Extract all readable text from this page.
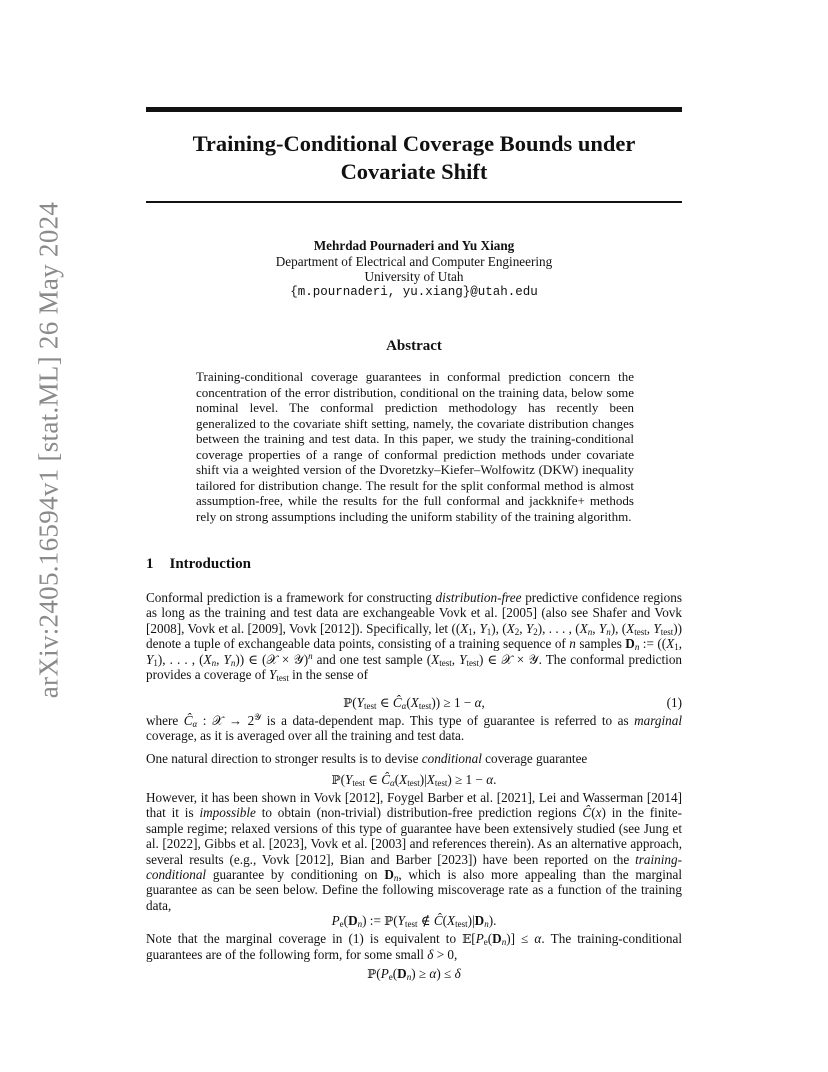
Training-Conditional Coverage Bounds under Covariate Shift
arXiv:2405.16594v1 [stat.ML] 26 May 2024	Mehrdad Pournaderi and Yu Xiang
Department of Electrical and Computer Engineering
University of Utah
{m.pournaderi, yu.xiang}@utah.edu
Abstract
Training-conditional coverage guarantees in conformal prediction concern the concentration of the error distribution, conditional on the training data, below some nominal level. The conformal prediction methodology has recently been generalized to the covariate shift setting, namely, the covariate distribution changes between the training and test data. In this paper, we study the training-conditional coverage properties of a range of conformal prediction methods under covariate shift via a weighted version of the Dvoretzky–Kiefer–Wolfowitz (DKW) inequality tailored for distribution change. The result for the split conformal method is almost assumption-free, while the results for the full conformal and jackknife+ methods rely on strong assumptions including the uniform stability of the training algorithm.
1 Introduction
Conformal prediction is a framework for constructing distribution-free predictive confidence regions as long as the training and test data are exchangeable Vovk et al. [2005] (also see Shafer and Vovk [2008], Vovk et al. [2009], Vovk [2012]). Specifically, let (($X_1$, $Y_1$), ($X_2$, $Y_2$), . . . , ($X_n$, $Y_n$), ($X_{test}$, $Y_{test}$)) denote a tuple of exchangeable data points, consisting of a training sequence of n samples $D_n$ := (($X_1$, $Y_1$), . . . , ($X_n$, $Y_n$)) ∈ (𝒳 × 𝒴)$^n$ and one test sample ($X_{test}$, $Y_{test}$) ∈ 𝒳 × 𝒴. The conformal prediction provides a coverage of $Y_{test}$ in the sense of
$ℙ(Y_{test}$ ∈ $Ĉ_\alpha(X_{test})) \ge 1 - \alpha$,	(1)
where $Ĉ_\alpha$ : 𝒳 → $2^𝒴$ is a data-dependent map. This type of guarantee is referred to as marginal coverage, as it is averaged over all the training and test data.
One natural direction to stronger results is to devise conditional coverage guarantee
$ℙ(Y_{test}$ ∈ $Ĉ_\alpha(X_{test})|X_{test}) \ge 1 - \alpha$.
However, it has been shown in Vovk [2012], Foygel Barber et al. [2021], Lei and Wasserman [2014] that it is impossible to obtain (non-trivial) distribution-free prediction regions Ĉ(x) in the finite-sample regime; relaxed versions of this type of guarantee have been extensively studied (see Jung et al. [2022], Gibbs et al. [2023], Vovk et al. [2003] and references therein). As an alternative approach, several results (e.g., Vovk [2012], Bian and Barber [2023]) have been reported on the training-conditional guarantee by conditioning on $D_n$, which is also more appealing than the marginal guarantee as can be seen below. Define the following miscoverage rate as a function of the training data,
$P_e(D_n)$ := $ℙ(Y_{test}$ ∉ $Ĉ(X_{test})|D_n$).
Note that the marginal coverage in (1) is equivalent to $𝔼[P_e(D_n)] \le \alpha$. The training-conditional guarantees are of the following form, for some small δ > 0,
$ℙ(P_e(D_n) \ge \alpha) \le \delta$
